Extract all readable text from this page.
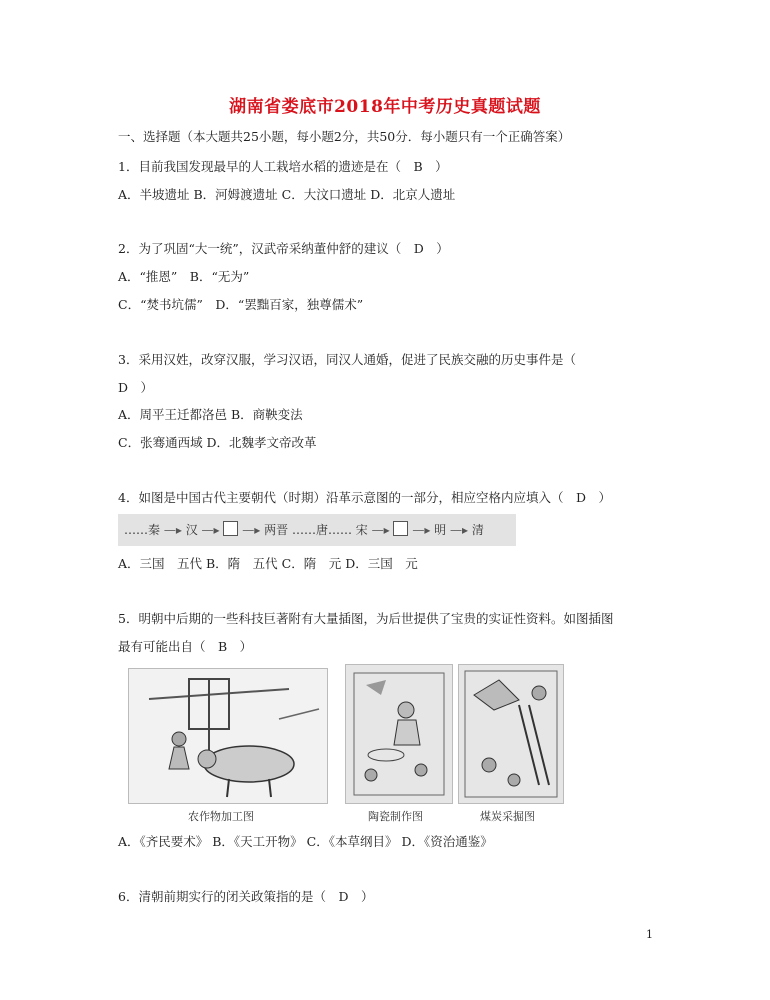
湖南省娄底市2018年中考历史真题试题
一、选择题（本大题共25小题，每小题2分，共50分．每小题只有一个正确答案）
1．目前我国发现最早的人工栽培水稻的遗迹是在（　B　）
A．半坡遗址 B．河姆渡遗址 C．大汶口遗址 D．北京人遗址
2．为了巩固“大一统”，汉武帝采纳董仲舒的建议（　D　）
A．“推恩”　B．“无为”
C．“焚书坑儒”　D．“罢黜百家，独尊儒术”
3．采用汉姓，改穿汉服，学习汉语，同汉人通婚，促进了民族交融的历史事件是（
D　）
A．周平王迁都洛邑 B．商鞅变法
C．张骞通西域 D．北魏孝文帝改革
4．如图是中国古代主要朝代（时期）沿革示意图的一部分，相应空格内应填入（　D　）
……秦 —▸ 汉 —▸ —▸ 两晋 ……唐…… 宋 —▸ —▸ 明 —▸ 清
A．三国　五代 B．隋　五代 C．隋　元 D．三国　元
5．明朝中后期的一些科技巨著附有大量插图，为后世提供了宝贵的实证性资料。如图插图
最有可能出自（　B　）
农作物加工图	陶瓷制作图	煤炭采掘图
A．《齐民要术》 B．《天工开物》 C．《本草纲目》 D．《资治通鉴》
6．清朝前期实行的闭关政策指的是（　D　）
1
